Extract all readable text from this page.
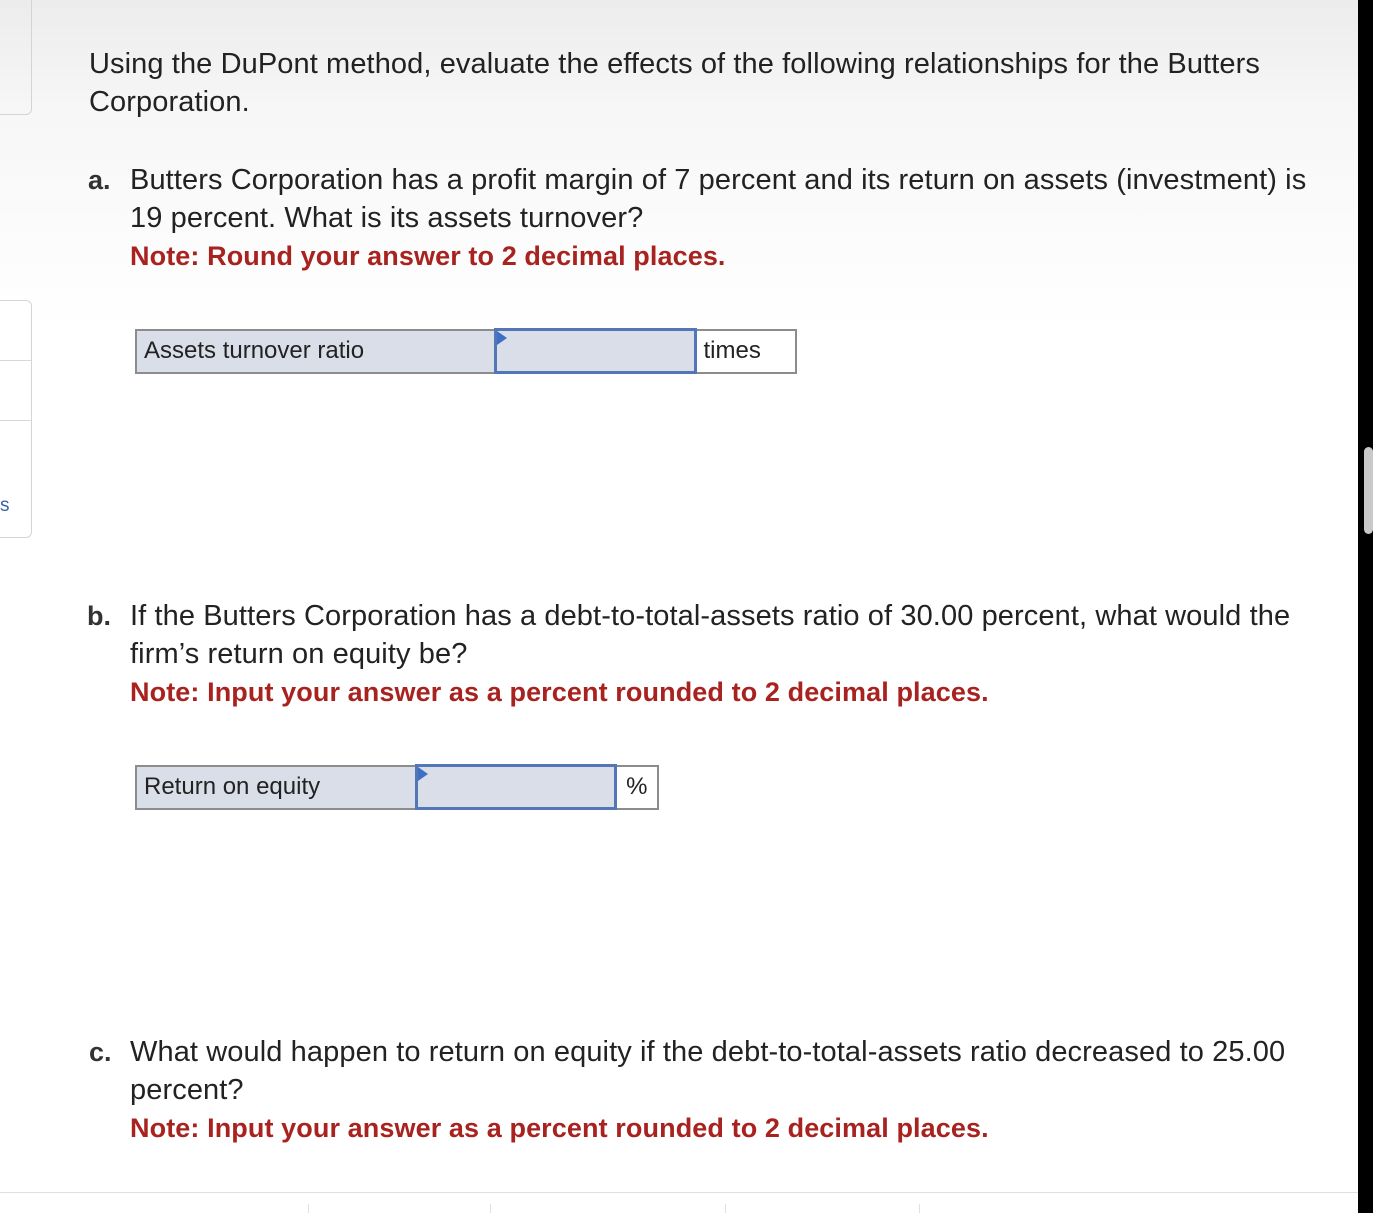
s

Using the DuPont method, evaluate the effects of the following relationships for the Butters Corporation.

a. Butters Corporation has a profit margin of 7 percent and its return on assets (investment) is 19 percent. What is its assets turnover?
Note: Round your answer to 2 decimal places.
Assets turnover ratio		times
b. If the Butters Corporation has a debt-to-total-assets ratio of 30.00 percent, what would the firm’s return on equity be?
Note: Input your answer as a percent rounded to 2 decimal places.
Return on equity		%
c. What would happen to return on equity if the debt-to-total-assets ratio decreased to 25.00 percent?
Note: Input your answer as a percent rounded to 2 decimal places.
